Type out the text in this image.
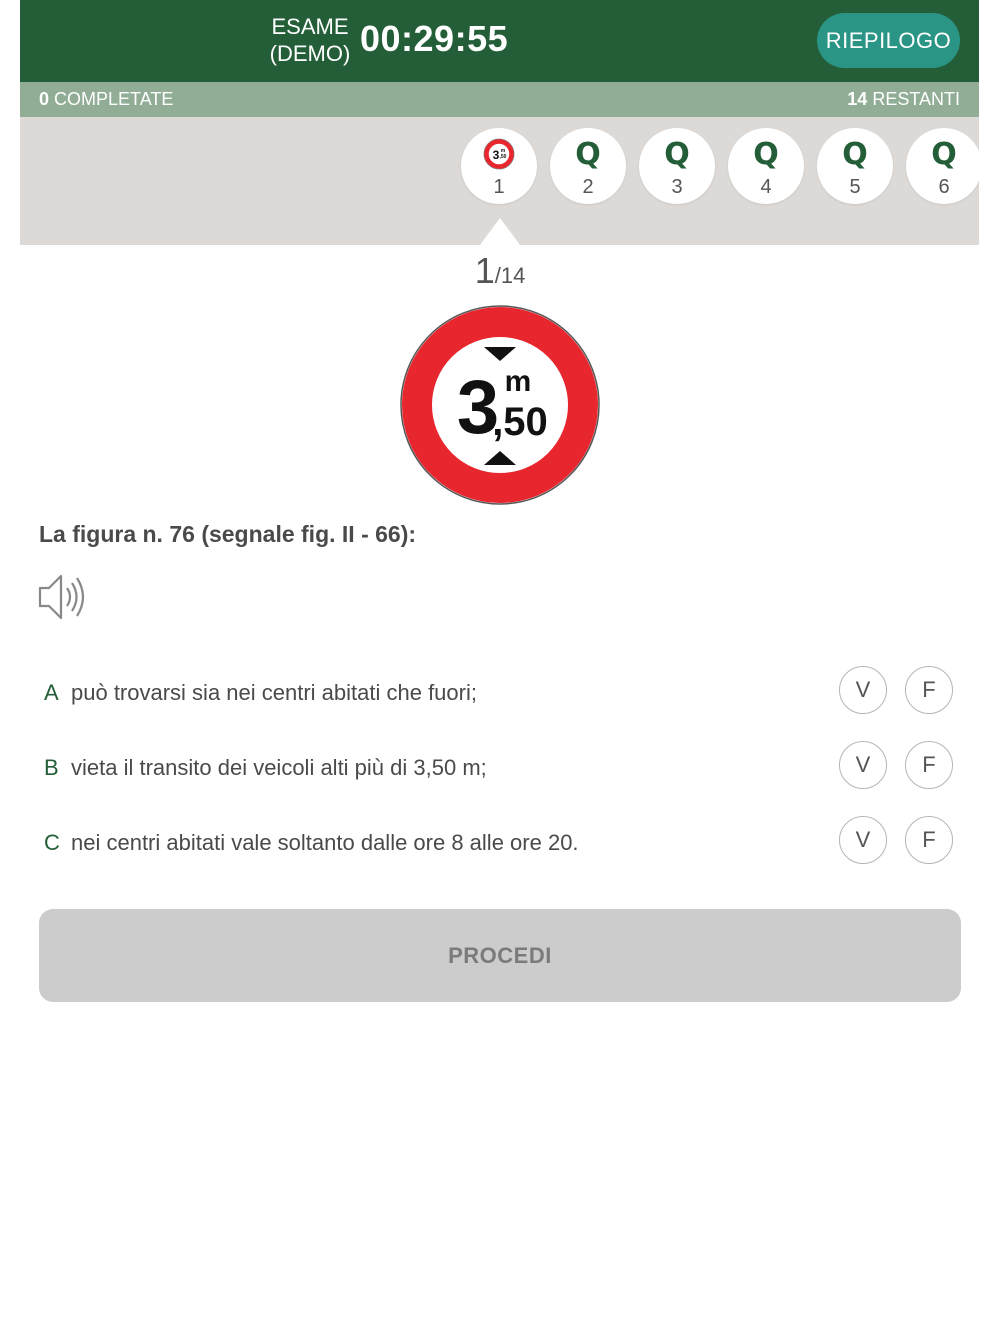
ESAME
(DEMO) 00:29:55	RIEPILOGO
0 COMPLETATE	14 RESTANTI
3 m
,50
1
Q
2
Q
3
Q
4
Q
5
Q
6
1/14
3 m
,50
La figura n. 76 (segnale fig. II - 66):
A può trovarsi sia nei centri abitati che fuori;	V	F
B vieta il transito dei veicoli alti più di 3,50 m;	V	F
C nei centri abitati vale soltanto dalle ore 8 alle ore 20.	V	F
PROCEDI
